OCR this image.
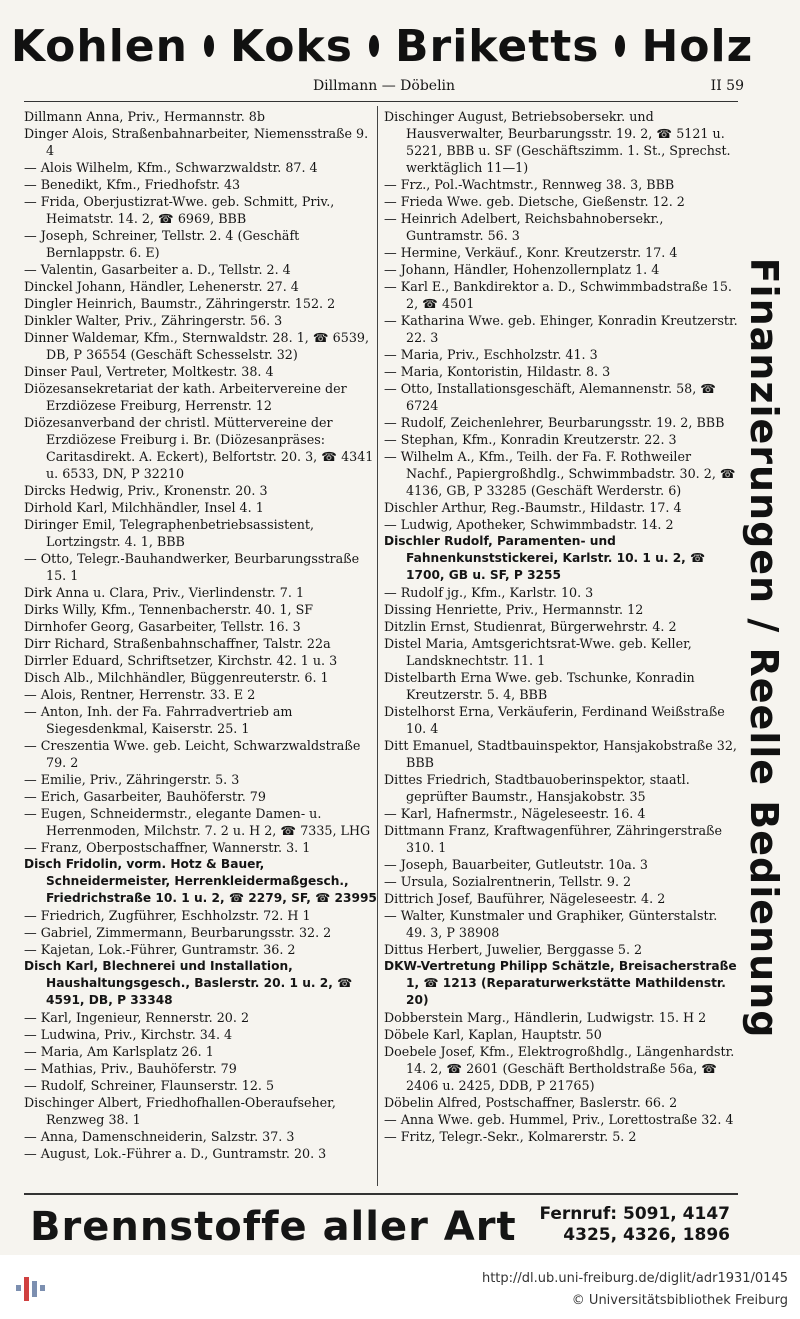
Kohlen Koks Briketts Holz
Dillmann — Döbelin	II 59
Dillmann Anna, Priv., Hermannstr. 8b
Dinger Alois, Straßenbahnarbeiter, Niemensstraße 9. 4
— Alois Wilhelm, Kfm., Schwarzwaldstr. 87. 4
— Benedikt, Kfm., Friedhofstr. 43
— Frida, Oberjustizrat-Wwe. geb. Schmitt, Priv., Heimatstr. 14. 2, ☎ 6969, BBB
— Joseph, Schreiner, Tellstr. 2. 4 (Geschäft Bernlappstr. 6. E)
— Valentin, Gasarbeiter a. D., Tellstr. 2. 4
Dinckel Johann, Händler, Lehenerstr. 27. 4
Dingler Heinrich, Baumstr., Zähringerstr. 152. 2
Dinkler Walter, Priv., Zähringerstr. 56. 3
Dinner Waldemar, Kfm., Sternwaldstr. 28. 1, ☎ 6539, DB, P 36554 (Geschäft Schesselstr. 32)
Dinser Paul, Vertreter, Moltkestr. 38. 4
Diözesansekretariat der kath. Arbeitervereine der Erzdiözese Freiburg, Herrenstr. 12
Diözesanverband der christl. Müttervereine der Erzdiözese Freiburg i. Br. (Diözesanpräses: Caritasdirekt. A. Eckert), Belfortstr. 20. 3, ☎ 4341 u. 6533, DN, P 32210
Dircks Hedwig, Priv., Kronenstr. 20. 3
Dirhold Karl, Milchhändler, Insel 4. 1
Diringer Emil, Telegraphenbetriebsassistent, Lortzingstr. 4. 1, BBB
— Otto, Telegr.-Bauhandwerker, Beurbarungsstraße 15. 1
Dirk Anna u. Clara, Priv., Vierlindenstr. 7. 1
Dirks Willy, Kfm., Tennenbacherstr. 40. 1, SF
Dirnhofer Georg, Gasarbeiter, Tellstr. 16. 3
Dirr Richard, Straßenbahnschaffner, Talstr. 22a
Dirrler Eduard, Schriftsetzer, Kirchstr. 42. 1 u. 3
Disch Alb., Milchhändler, Büggenreuterstr. 6. 1
— Alois, Rentner, Herrenstr. 33. E 2
— Anton, Inh. der Fa. Fahrradvertrieb am Siegesdenkmal, Kaiserstr. 25. 1
— Creszentia Wwe. geb. Leicht, Schwarzwaldstraße 79. 2
— Emilie, Priv., Zähringerstr. 5. 3
— Erich, Gasarbeiter, Bauhöferstr. 79
— Eugen, Schneidermstr., elegante Damen- u. Herrenmoden, Milchstr. 7. 2 u. H 2, ☎ 7335, LHG
— Franz, Oberpostschaffner, Wannerstr. 3. 1
Disch Fridolin, vorm. Hotz & Bauer, Schneidermeister, Herrenkleidermaßgesch., Friedrichstraße 10. 1 u. 2, ☎ 2279, SF, ☎ 23995
— Friedrich, Zugführer, Eschholzstr. 72. H 1
— Gabriel, Zimmermann, Beurbarungsstr. 32. 2
— Kajetan, Lok.-Führer, Guntramstr. 36. 2
Disch Karl, Blechnerei und Installation, Haushaltungsgesch., Baslerstr. 20. 1 u. 2, ☎ 4591, DB, P 33348
— Karl, Ingenieur, Rennerstr. 20. 2
— Ludwina, Priv., Kirchstr. 34. 4
— Maria, Am Karlsplatz 26. 1
— Mathias, Priv., Bauhöferstr. 79
— Rudolf, Schreiner, Flaunserstr. 12. 5
Dischinger Albert, Friedhofhallen-Oberaufseher, Renzweg 38. 1
— Anna, Damenschneiderin, Salzstr. 37. 3
— August, Lok.-Führer a. D., Guntramstr. 20. 3
Dischinger August, Betriebsobersekr. und Hausverwalter, Beurbarungsstr. 19. 2, ☎ 5121 u. 5221, BBB u. SF (Geschäftszimm. 1. St., Sprechst. werktäglich 11—1)
— Frz., Pol.-Wachtmstr., Rennweg 38. 3, BBB
— Frieda Wwe. geb. Dietsche, Gießenstr. 12. 2
— Heinrich Adelbert, Reichsbahnobersekr., Guntramstr. 56. 3
— Hermine, Verkäuf., Konr. Kreutzerstr. 17. 4
— Johann, Händler, Hohenzollernplatz 1. 4
— Karl E., Bankdirektor a. D., Schwimmbadstraße 15. 2, ☎ 4501
— Katharina Wwe. geb. Ehinger, Konradin Kreutzerstr. 22. 3
— Maria, Priv., Eschholzstr. 41. 3
— Maria, Kontoristin, Hildastr. 8. 3
— Otto, Installationsgeschäft, Alemannenstr. 58, ☎ 6724
— Rudolf, Zeichenlehrer, Beurbarungsstr. 19. 2, BBB
— Stephan, Kfm., Konradin Kreutzerstr. 22. 3
— Wilhelm A., Kfm., Teilh. der Fa. F. Rothweiler Nachf., Papiergroßhdlg., Schwimmbadstr. 30. 2, ☎ 4136, GB, P 33285 (Geschäft Werderstr. 6)
Dischler Arthur, Reg.-Baumstr., Hildastr. 17. 4
— Ludwig, Apotheker, Schwimmbadstr. 14. 2
Dischler Rudolf, Paramenten- und Fahnenkunststickerei, Karlstr. 10. 1 u. 2, ☎ 1700, GB u. SF, P 3255
— Rudolf jg., Kfm., Karlstr. 10. 3
Dissing Henriette, Priv., Hermannstr. 12
Ditzlin Ernst, Studienrat, Bürgerwehrstr. 4. 2
Distel Maria, Amtsgerichtsrat-Wwe. geb. Keller, Landsknechtstr. 11. 1
Distelbarth Erna Wwe. geb. Tschunke, Konradin Kreutzerstr. 5. 4, BBB
Distelhorst Erna, Verkäuferin, Ferdinand Weißstraße 10. 4
Ditt Emanuel, Stadtbauinspektor, Hansjakobstraße 32, BBB
Dittes Friedrich, Stadtbauoberinspektor, staatl. geprüfter Baumstr., Hansjakobstr. 35
— Karl, Hafnermstr., Nägeleseestr. 16. 4
Dittmann Franz, Kraftwagenführer, Zähringerstraße 310. 1
— Joseph, Bauarbeiter, Gutleutstr. 10a. 3
— Ursula, Sozialrentnerin, Tellstr. 9. 2
Dittrich Josef, Bauführer, Nägeleseestr. 4. 2
— Walter, Kunstmaler und Graphiker, Günterstalstr. 49. 3, P 38908
Dittus Herbert, Juwelier, Berggasse 5. 2
DKW-Vertretung Philipp Schätzle, Breisacherstraße 1, ☎ 1213 (Reparaturwerkstätte Mathildenstr. 20)
Dobberstein Marg., Händlerin, Ludwigstr. 15. H 2
Döbele Karl, Kaplan, Hauptstr. 50
Doebele Josef, Kfm., Elektrogroßhdlg., Längenhardstr. 14. 2, ☎ 2601 (Geschäft Bertholdstraße 56a, ☎ 2406 u. 2425, DDB, P 21765)
Döbelin Alfred, Postschaffner, Baslerstr. 66. 2
— Anna Wwe. geb. Hummel, Priv., Lorettostraße 32. 4
— Fritz, Telegr.-Sekr., Kolmarerstr. 5. 2
Finanzierungen / Reelle Bedienung
Brennstoffe aller Art Fernruf: 5091, 4147
4325, 4326, 1896
http://dl.ub.uni-freiburg.de/diglit/adr1931/0145
© Universitätsbibliothek Freiburg
